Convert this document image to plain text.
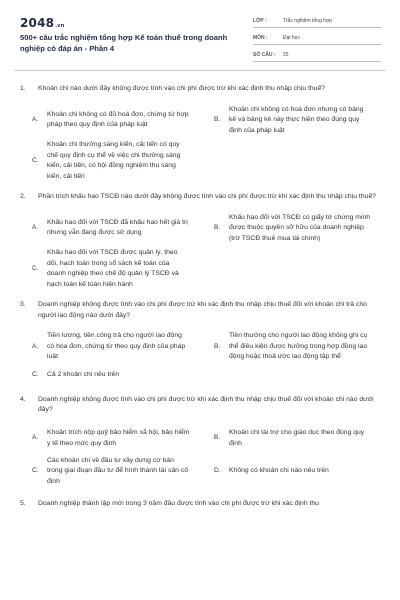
2048.vn
500+ câu trắc nghiệm tổng hợp Kế toán thuế trong doanh nghiệp có đáp án - Phần 4
LỚP :	Trắc nghiệm tổng hợp
MÔN :	Đại học
SỐ CÂU :	25
1.	Khoản chi nào dưới đây không được tính vào chi phí được trừ khi xác định thu nhập chịu thuế?
A.
Khoản chi không có đủ hoá đơn, chứng từ hợp pháp theo quy định của pháp luật
B.
Khoản chi không có hoá đơn nhưng có bảng kê và bảng kê này thực hiện theo đúng quy định của pháp luật
C.
Khoản chi thưởng sáng kiến, cải tiến có quy chế quy định cụ thể về việc chi thưởng sáng kiến, cải tiến, có hội đồng nghiệm thu sáng kiến, cải tiến
2.	Phần trích khấu hao TSCĐ nào dưới đây không được tính vào chi phí được trừ khi xác định thu nhập chịu thuế?
A.
Khấu hao đối với TSCĐ đã khấu hao hết giá trị nhưng vẫn đang được sử dụng
B.
Khấu hao đối với TSCĐ có giấy tờ chứng minh được thuộc quyền sở hữu của doanh nghiệp (trừ TSCĐ thuê mua tài chính)
C.
Khấu hao đối với TSCĐ được quản lý, theo dõi, hạch toán trong sổ sách kế toán của doanh nghiệp theo chế độ quản lý TSCĐ và hạch toán kế toán hiện hành
3.	Doanh nghiệp không được tính vào chi phí được trừ khi xác định thu nhập chịu thuế đối với khoản chi trả cho người lao động nào dưới đây?
A.
Tiền lương, tiền công trả cho người lao động có hóa đơn, chứng từ theo quy định của pháp luật
B.
Tiền thưởng cho người lao động không ghi cụ thể điều kiện được hưởng trong hợp đồng lao động hoặc thoả ước lao động tập thể
C.	Cả 2 khoản chi nêu trên
4.	Doanh nghiệp không được tính vào chi phí được trừ khi xác định thu nhập chịu thuế đối với khoản chi nào dưới đây?
A.
Khoản trích nộp quỹ bảo hiểm xã hội, bảo hiểm y tế theo mức quy định
B.
Khoản chi tài trợ cho giáo dục theo đúng quy định
C.
Các khoản chi về đầu tư xây dựng cơ bản trong giai đoạn đầu tư để hình thành tài sản cố định
D.	Không có khoản chi nào nêu trên
5.	Doanh nghiệp thành lập mới trong 3 năm đầu được tính vào chi phí được trừ khi xác định thu
